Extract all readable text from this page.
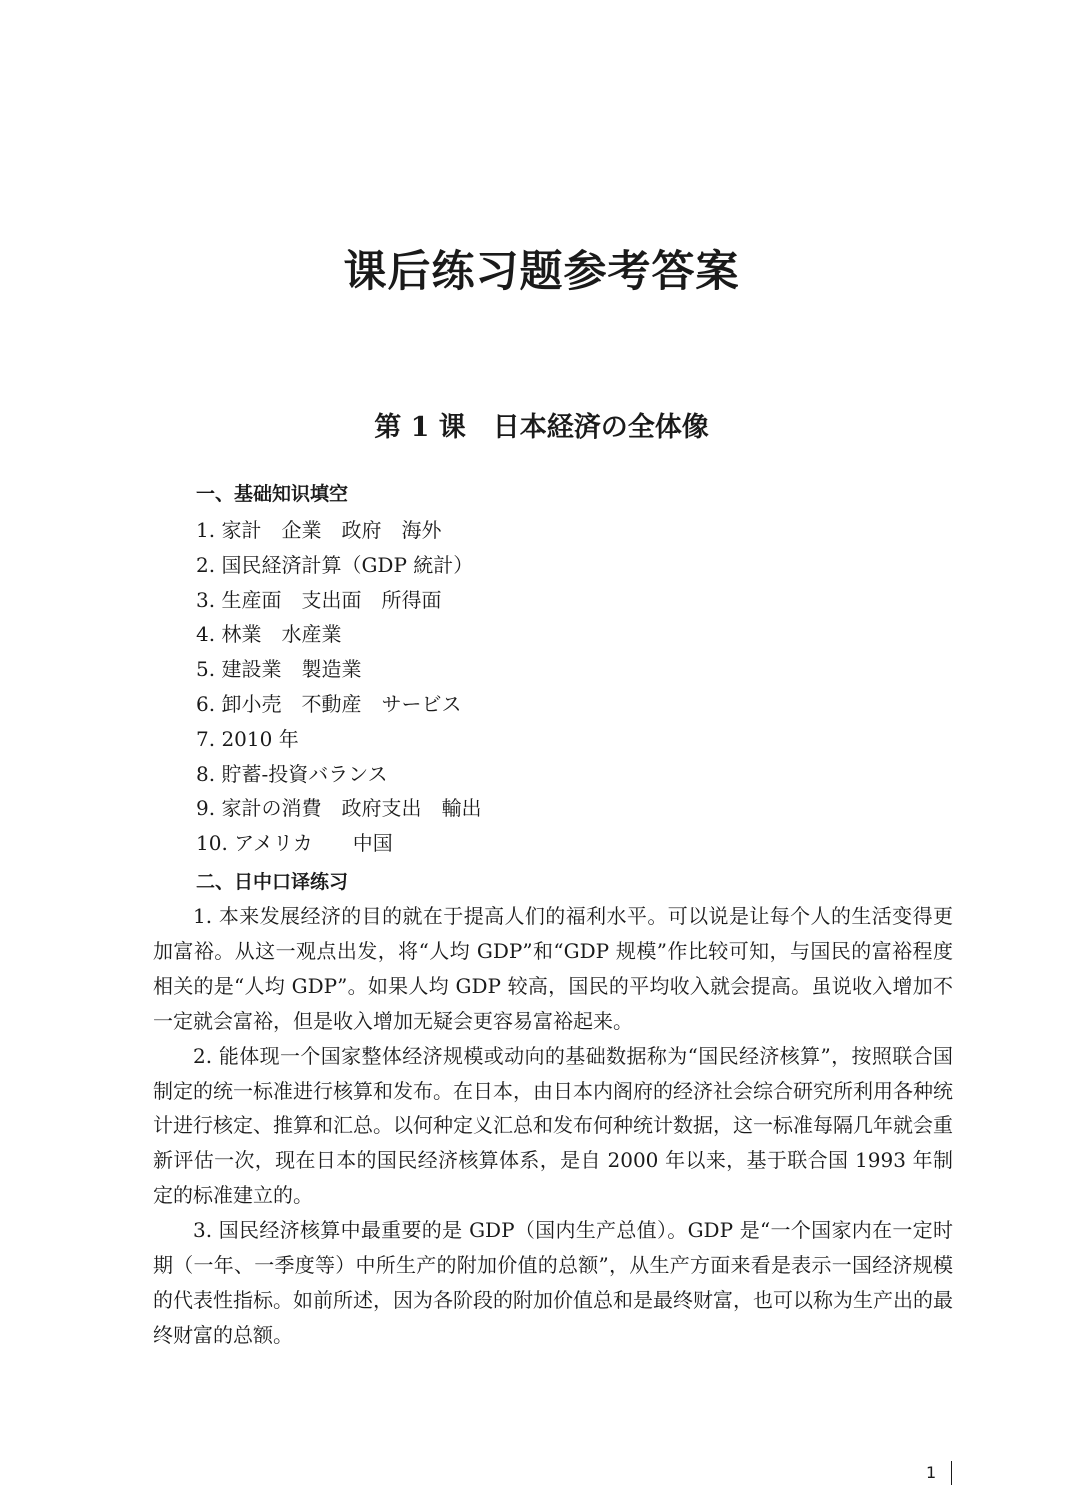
课后练习题参考答案
第 1 课　日本経済の全体像
一、基础知识填空
1. 家計　企業　政府　海外
2. 国民経済計算（GDP 統計）
3. 生産面　支出面　所得面
4. 林業　水産業
5. 建設業　製造業
6. 卸小売　不動産　サービス
7. 2010 年
8. 貯蓄-投資バランス
9. 家計の消費　政府支出　輸出
10. アメリカ　　中国
二、日中口译练习

1. 本来发展经济的目的就在于提高人们的福利水平。可以说是让每个人的生活变得更加富裕。从这一观点出发，将“人均 GDP”和“GDP 规模”作比较可知，与国民的富裕程度相关的是“人均 GDP”。如果人均 GDP 较高，国民的平均收入就会提高。虽说收入增加不一定就会富裕，但是收入增加无疑会更容易富裕起来。

2. 能体现一个国家整体经济规模或动向的基础数据称为“国民经济核算”，按照联合国制定的统一标准进行核算和发布。在日本，由日本内阁府的经济社会综合研究所利用各种统计进行核定、推算和汇总。以何种定义汇总和发布何种统计数据，这一标准每隔几年就会重新评估一次，现在日本的国民经济核算体系，是自 2000 年以来，基于联合国 1993 年制定的标准建立的。

3. 国民经济核算中最重要的是 GDP（国内生产总值）。GDP 是“一个国家内在一定时期（一年、一季度等）中所生产的附加价值的总额”，从生产方面来看是表示一国经济规模的代表性指标。如前所述，因为各阶段的附加价值总和是最终财富，也可以称为生产出的最终财富的总额。

1
